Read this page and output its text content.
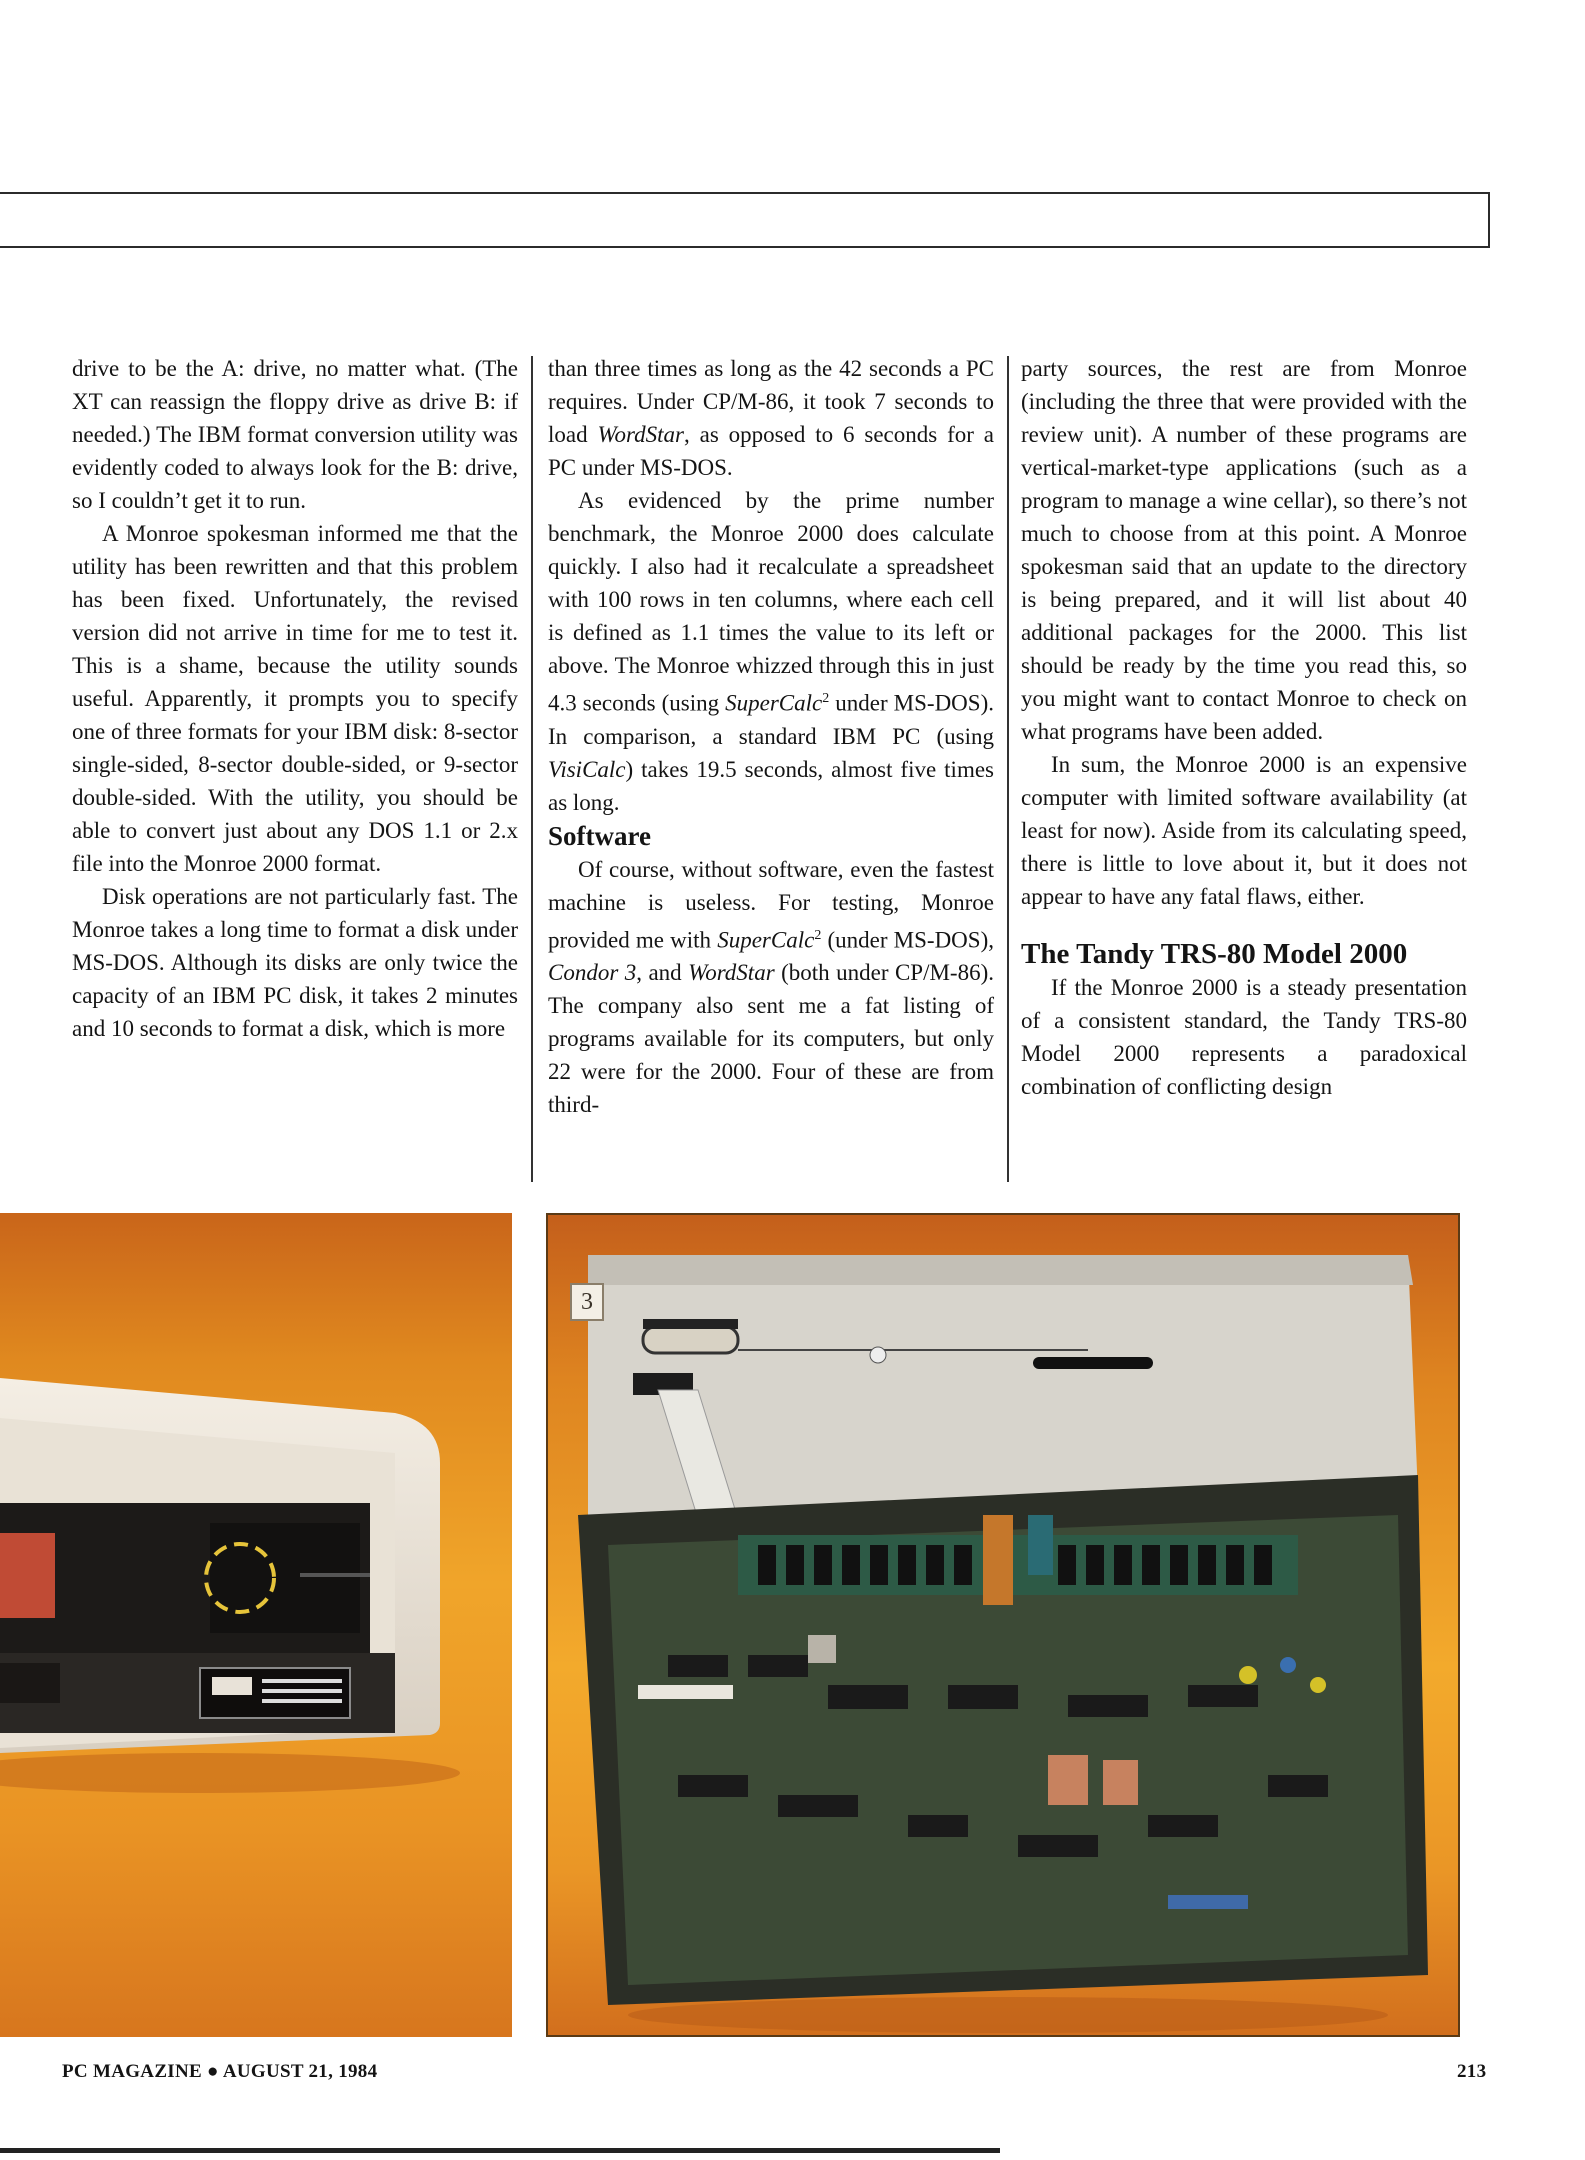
drive to be the A: drive, no matter what. (The XT can reassign the floppy drive as drive B: if needed.) The IBM format conversion utility was evidently coded to always look for the B: drive, so I couldn’t get it to run.

A Monroe spokesman informed me that the utility has been rewritten and that this problem has been fixed. Unfortunately, the revised version did not arrive in time for me to test it. This is a shame, because the utility sounds useful. Apparently, it prompts you to specify one of three formats for your IBM disk: 8-sector single-sided, 8-sector double-sided, or 9-sector double-sided. With the utility, you should be able to convert just about any DOS 1.1 or 2.x file into the Monroe 2000 format.

Disk operations are not particularly fast. The Monroe takes a long time to format a disk under MS-DOS. Although its disks are only twice the capacity of an IBM PC disk, it takes 2 minutes and 10 seconds to format a disk, which is more

than three times as long as the 42 seconds a PC requires. Under CP/M-86, it took 7 seconds to load WordStar, as opposed to 6 seconds for a PC under MS-DOS.

As evidenced by the prime number benchmark, the Monroe 2000 does calculate quickly. I also had it recalculate a spreadsheet with 100 rows in ten columns, where each cell is defined as 1.1 times the value to its left or above. The Monroe whizzed through this in just 4.3 seconds (using SuperCalc$^2$ under MS-DOS). In comparison, a standard IBM PC (using VisiCalc) takes 19.5 seconds, almost five times as long.

Software

Of course, without software, even the fastest machine is useless. For testing, Monroe provided me with SuperCalc$^2$ (under MS-DOS), Condor 3, and WordStar (both under CP/M-86). The company also sent me a fat listing of programs available for its computers, but only 22 were for the 2000. Four of these are from third-

party sources, the rest are from Monroe (including the three that were provided with the review unit). A number of these programs are vertical-market-type applications (such as a program to manage a wine cellar), so there’s not much to choose from at this point. A Monroe spokesman said that an update to the directory is being prepared, and it will list about 40 additional packages for the 2000. This list should be ready by the time you read this, so you might want to contact Monroe to check on what programs have been added.

In sum, the Monroe 2000 is an expensive computer with limited software availability (at least for now). Aside from its calculating speed, there is little to love about it, but it does not appear to have any fatal flaws, either.

The Tandy TRS-80 Model 2000

If the Monroe 2000 is a steady presentation of a consistent standard, the Tandy TRS-80 Model 2000 represents a paradoxical combination of conflicting design

3
PC MAGAZINE ● AUGUST 21, 1984	213
